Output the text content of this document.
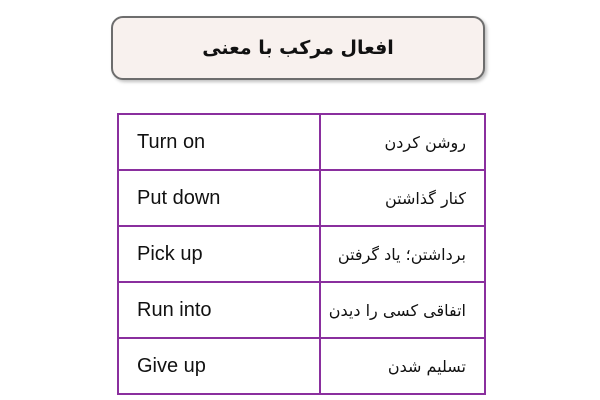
افعال مرکب با معنی
Turn on	روشن کردن
Put down	کنار گذاشتن
Pick up	برداشتن؛ یاد گرفتن
Run into	اتفاقی کسی را دیدن
Give up	تسلیم شدن
